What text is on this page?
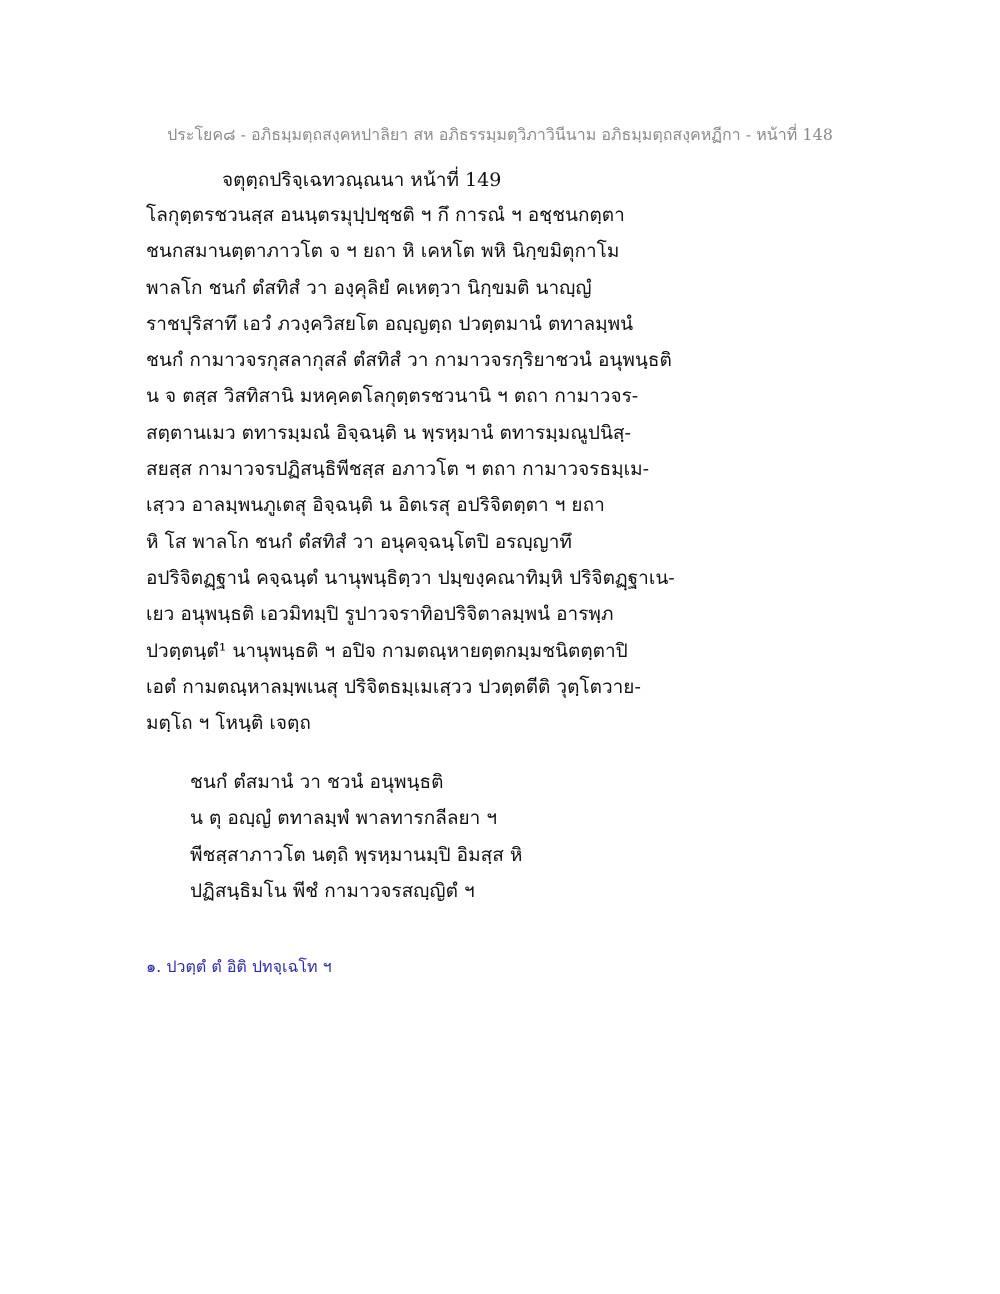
ประโยค๘ - อภิธมฺมตฺถสงฺคหปาลิยา สห อภิธรรมฺมตฺวิภาวินีนาม อภิธมฺมตฺถสงฺคหฏีกา - หน้าที่ 148
จตุตฺถปริจฺเฉทวณฺณนา หน้าที่ 149
โลกุตฺตรชวนสฺส อนนฺตรมุปฺปชฺชติ ฯ กึ การณํ ฯ อชฺชนกตฺตา
ชนกสมานตฺตาภาวโต จ ฯ ยถา หิ เคหโต พหิ นิกฺขมิตุกาโม
พาลโก ชนกํ ตํสทิสํ วา องฺคุลิยํ คเหตฺวา นิกฺขมติ นาญฺญํ
ราชปุริสาทึ เอวํ ภวงฺควิสยโต อญฺญตฺถ ปวตฺตมานํ ตทาลมฺพนํ
ชนกํ กามาวจรกุสลากุสลํ ตํสทิสํ วา กามาวจรกฺริยาชวนํ อนุพนฺธติ
น จ ตสฺส วิสทิสานิ มหคฺคตโลกุตฺตรชวนานิ ฯ ตถา กามาวจร-
สตฺตานเมว ตทารมฺมณํ อิจฺฉนฺติ น พฺรหฺมานํ ตทารมฺมณูปนิสฺ-
สยสฺส กามาวจรปฏิสนฺธิพีชสฺส อภาวโต ฯ ตถา กามาวจรธมฺเม-
เสฺวว อาลมฺพนภูเตสุ อิจฺฉนฺติ น อิตเรสุ อปริจิตตฺตา ฯ ยถา
หิ โส พาลโก ชนกํ ตํสทิสํ วา อนุคจฺฉนฺโตปิ อรญฺญาทึ
อปริจิตฏฺฐานํ คจฺฉนฺตํ นานุพนฺธิตฺวา ปมฺขงฺคณาทิมฺหิ ปริจิตฏฺฐาเน-
เยว อนุพนฺธติ เอวมิทมฺปิ รูปาวจราทิอปริจิตาลมฺพนํ อารพฺภ
ปวตฺตนฺตํ¹ นานุพนฺธติ ฯ อปิจ กามตณฺหายตฺตกมฺมชนิตตฺตาปิ
เอตํ กามตณฺหาลมฺพเนสุ ปริจิตธมฺเมเสฺวว ปวตฺตตีติ วุตฺโตวาย-
มตฺโถ ฯ โหนฺติ เจตฺถ
ชนกํ ตํสมานํ วา ชวนํ อนุพนฺธติ
น ตุ อญฺญํ ตทาลมฺพํ พาลทารกลีลยา ฯ
พีชสฺสาภาวโต นตฺถิ พฺรหฺมานมฺปิ อิมสฺส หิ
ปฏิสนฺธิมโน พีชํ กามาวจรสญฺญิตํ ฯ
๑. ปวตฺตํ ตํ อิติ ปทจฺเฉโท ฯ
